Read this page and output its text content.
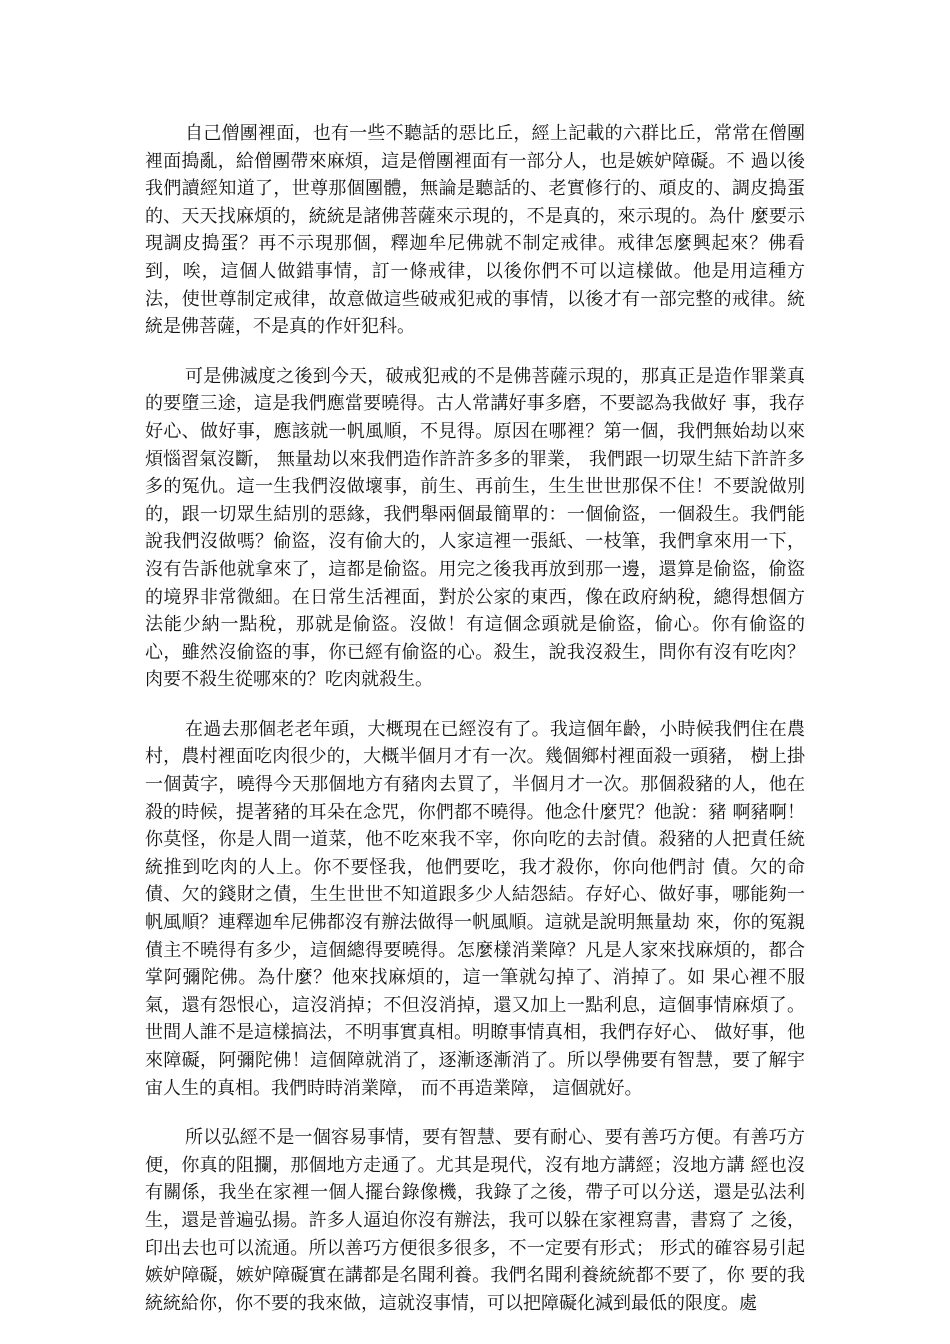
自己僧團裡面，也有一些不聽話的惡比丘，經上記載的六群比丘，常常在僧團裡面搗亂，給僧團帶來麻煩，這是僧團裡面有一部分人，也是嫉妒障礙。不 過以後我們讀經知道了，世尊那個團體，無論是聽話的、老實修行的、頑皮的、調皮搗蛋的、天天找麻煩的，統統是諸佛菩薩來示現的，不是真的，來示現的。為什 麼要示現調皮搗蛋？再不示現那個，釋迦牟尼佛就不制定戒律。戒律怎麼興起來？佛看到，唉，這個人做錯事情，訂一條戒律，以後你們不可以這樣做。他是用這種方法，使世尊制定戒律，故意做這些破戒犯戒的事情，以後才有一部完整的戒律。統統是佛菩薩，不是真的作奸犯科。

可是佛滅度之後到今天，破戒犯戒的不是佛菩薩示現的，那真正是造作罪業真的要墮三途，這是我們應當要曉得。古人常講好事多磨，不要認為我做好 事，我存好心、做好事，應該就一帆風順，不見得。原因在哪裡？第一個，我們無始劫以來煩惱習氣沒斷， 無量劫以來我們造作許許多多的罪業， 我們跟一切眾生結下許許多多的冤仇。這一生我們沒做壞事，前生、再前生，生生世世那保不住！不要說做別的，跟一切眾生結別的惡緣，我們舉兩個最簡單的：一個偷盜，一個殺生。我們能說我們沒做嗎？偷盜，沒有偷大的，人家這裡一張紙、一枝筆，我們拿來用一下，沒有告訴他就拿來了，這都是偷盜。用完之後我再放到那一邊，還算是偷盜，偷盜的境界非常微細。在日常生活裡面，對於公家的東西，像在政府納稅，總得想個方法能少納一點稅，那就是偷盜。沒做！有這個念頭就是偷盜，偷心。你有偷盜的心，雖然沒偷盜的事，你已經有偷盜的心。殺生，說我沒殺生，問你有沒有吃肉？肉要不殺生從哪來的？吃肉就殺生。

在過去那個老老年頭，大概現在已經沒有了。我這個年齡，小時候我們住在農村，農村裡面吃肉很少的，大概半個月才有一次。幾個鄉村裡面殺一頭豬， 樹上掛一個黃字，曉得今天那個地方有豬肉去買了，半個月才一次。那個殺豬的人，他在殺的時候，提著豬的耳朵在念咒，你們都不曉得。他念什麼咒？他說：豬 啊豬啊！你莫怪，你是人間一道菜，他不吃來我不宰，你向吃的去討債。殺豬的人把責任統統推到吃肉的人上。你不要怪我，他們要吃，我才殺你，你向他們討 債。欠的命債、欠的錢財之債，生生世世不知道跟多少人結怨結。存好心、做好事，哪能夠一帆風順？連釋迦牟尼佛都沒有辦法做得一帆風順。這就是說明無量劫 來，你的冤親債主不曉得有多少，這個總得要曉得。怎麼樣消業障？凡是人家來找麻煩的，都合掌阿彌陀佛。為什麼？他來找麻煩的，這一筆就勾掉了、消掉了。如 果心裡不服氣，還有怨恨心，這沒消掉；不但沒消掉，還又加上一點利息，這個事情麻煩了。世間人誰不是這樣搞法，不明事實真相。明瞭事情真相，我們存好心、 做好事，他來障礙，阿彌陀佛！這個障就消了，逐漸逐漸消了。所以學佛要有智慧，要了解宇宙人生的真相。我們時時消業障， 而不再造業障， 這個就好。

所以弘經不是一個容易事情，要有智慧、要有耐心、要有善巧方便。有善巧方便，你真的阻攔，那個地方走通了。尤其是現代，沒有地方講經；沒地方講 經也沒有關係，我坐在家裡一個人擺台錄像機，我錄了之後，帶子可以分送，還是弘法利生，還是普遍弘揚。許多人逼迫你沒有辦法，我可以躲在家裡寫書，書寫了 之後，印出去也可以流通。所以善巧方便很多很多，不一定要有形式； 形式的確容易引起嫉妒障礙，嫉妒障礙實在講都是名聞利養。我們名聞利養統統都不要了，你 要的我統統給你，你不要的我來做，這就沒事情，可以把障礙化減到最低的限度。處
